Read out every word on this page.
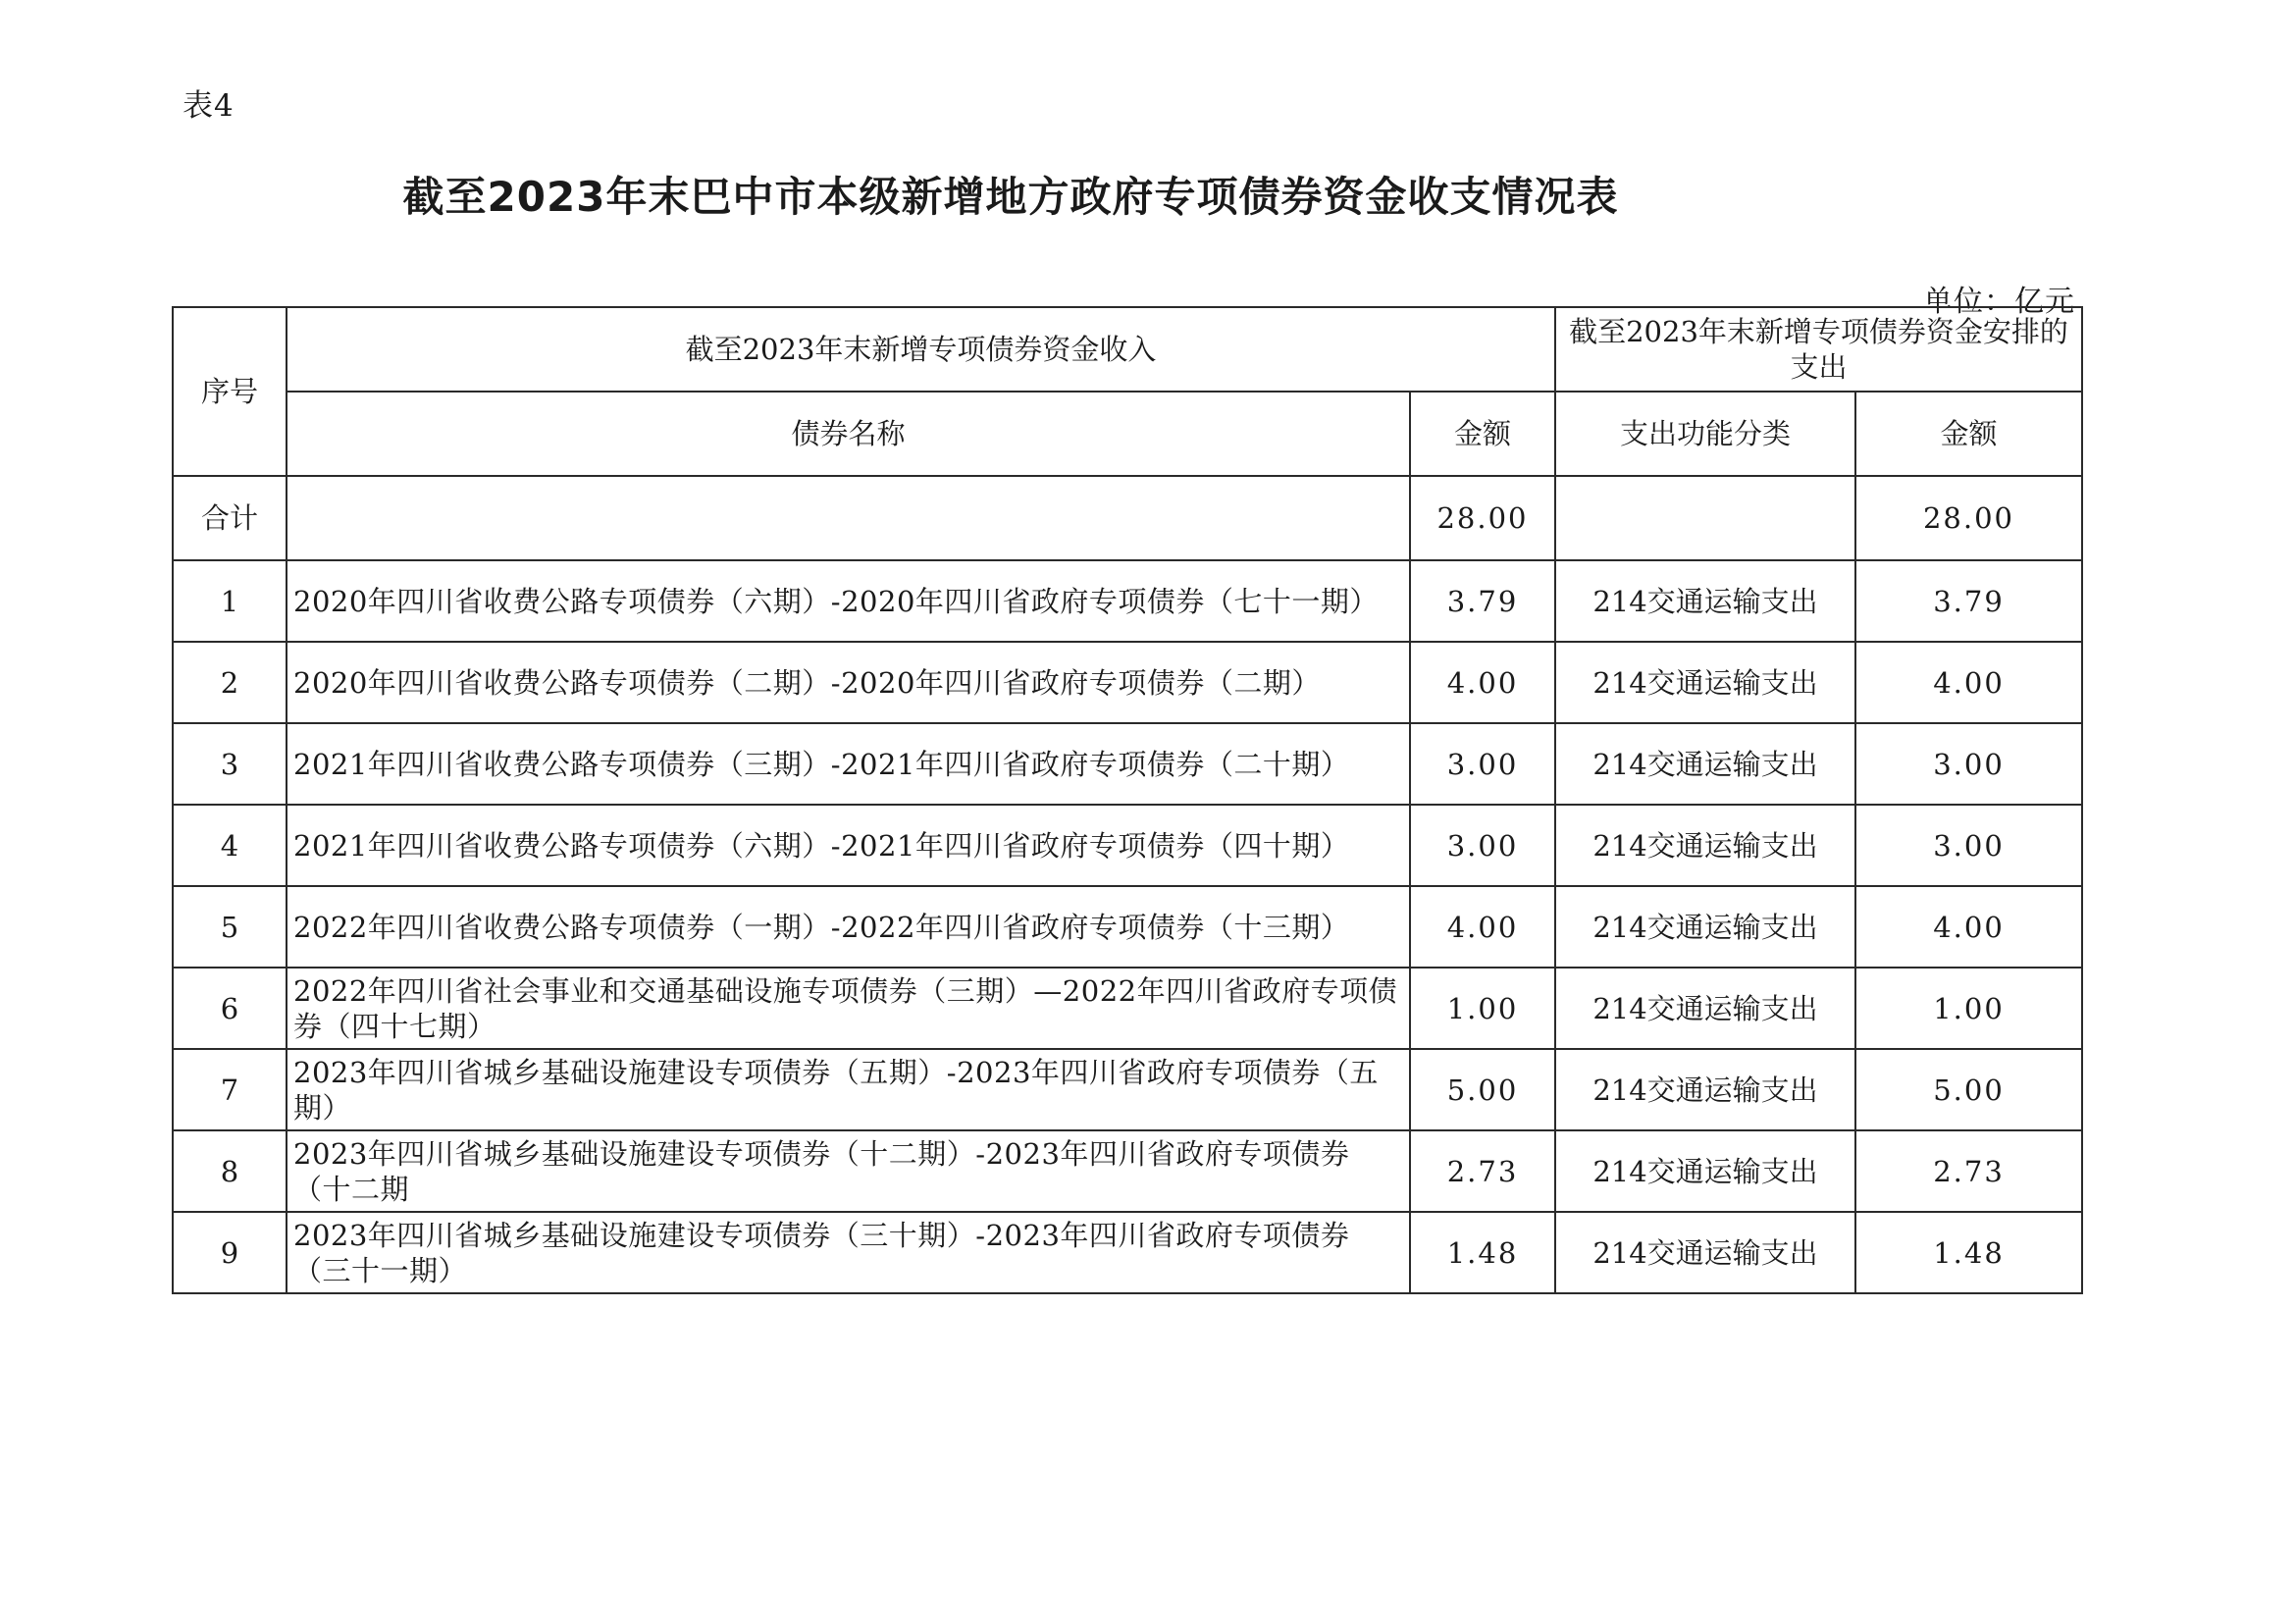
表4
截至2023年末巴中市本级新增地方政府专项债券资金收支情况表
单位：亿元
序号	截至2023年末新增专项债券资金收入		截至2023年末新增专项债券资金安排的支出	
	债券名称	金额	支出功能分类	金额
合计		28.00		28.00
1	2020年四川省收费公路专项债券（六期）-2020年四川省政府专项债券（七十一期）	3.79	214交通运输支出	3.79
2	2020年四川省收费公路专项债券（二期）-2020年四川省政府专项债券（二期）	4.00	214交通运输支出	4.00
3	2021年四川省收费公路专项债券（三期）-2021年四川省政府专项债券（二十期）	3.00	214交通运输支出	3.00
4	2021年四川省收费公路专项债券（六期）-2021年四川省政府专项债券（四十期）	3.00	214交通运输支出	3.00
5	2022年四川省收费公路专项债券（一期）-2022年四川省政府专项债券（十三期）	4.00	214交通运输支出	4.00
6	2022年四川省社会事业和交通基础设施专项债券（三期）—2022年四川省政府专项债券（四十七期）	1.00	214交通运输支出	1.00
7	2023年四川省城乡基础设施建设专项债券（五期）-2023年四川省政府专项债券（五期）	5.00	214交通运输支出	5.00
8	2023年四川省城乡基础设施建设专项债券（十二期）-2023年四川省政府专项债券（十二期	2.73	214交通运输支出	2.73
9	2023年四川省城乡基础设施建设专项债券（三十期）-2023年四川省政府专项债券（三十一期）	1.48	214交通运输支出	1.48
